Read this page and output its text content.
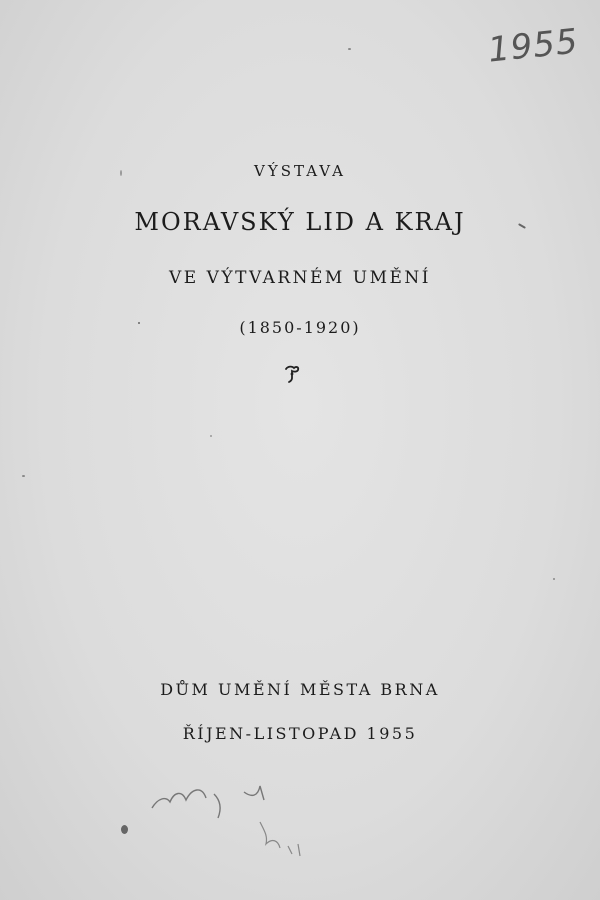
1955
VÝSTAVA
MORAVSKÝ LID A KRAJ
VE VÝTVARNÉM UMĚNÍ
(1850-1920)
DŮM UMĚNÍ MĚSTA BRNA
ŘÍJEN-LISTOPAD 1955
